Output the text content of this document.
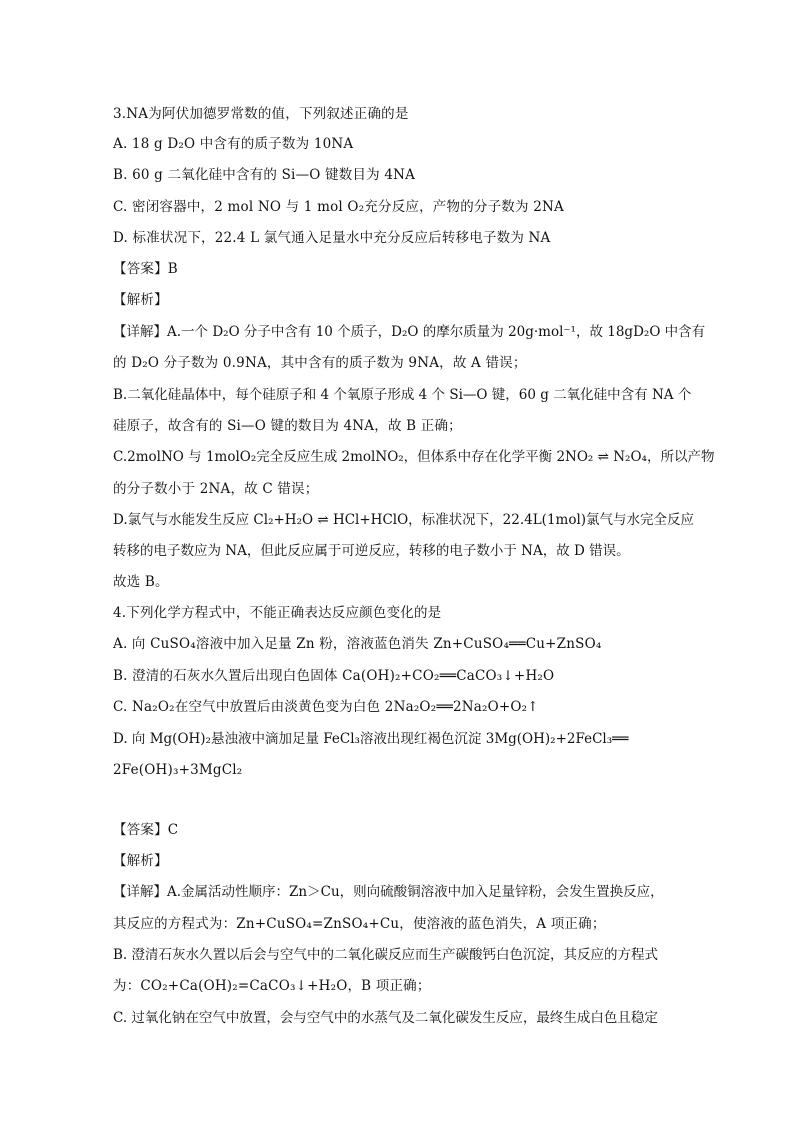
3.NA为阿伏加德罗常数的值，下列叙述正确的是
A. 18 g D₂O 中含有的质子数为 10NA
B. 60 g 二氧化硅中含有的 Si—O 键数目为 4NA
C. 密闭容器中，2 mol NO 与 1 mol O₂充分反应，产物的分子数为 2NA
D. 标准状况下，22.4 L 氯气通入足量水中充分反应后转移电子数为 NA
【答案】B
【解析】
【详解】A.一个 D₂O 分子中含有 10 个质子，D₂O 的摩尔质量为 20g·mol⁻¹，故 18gD₂O 中含有
的 D₂O 分子数为 0.9NA，其中含有的质子数为 9NA，故 A 错误；
B.二氧化硅晶体中，每个硅原子和 4 个氧原子形成 4 个 Si—O 键，60 g 二氧化硅中含有 NA 个
硅原子，故含有的 Si—O 键的数目为 4NA，故 B 正确；
C.2molNO 与 1molO₂完全反应生成 2molNO₂，但体系中存在化学平衡 2NO₂ ⇌ N₂O₄，所以产物
的分子数小于 2NA，故 C 错误；
D.氯气与水能发生反应 Cl₂+H₂O ⇌ HCl+HClO，标准状况下，22.4L(1mol)氯气与水完全反应
转移的电子数应为 NA，但此反应属于可逆反应，转移的电子数小于 NA，故 D 错误。
故选 B。
4.下列化学方程式中，不能正确表达反应颜色变化的是
A. 向 CuSO₄溶液中加入足量 Zn 粉，溶液蓝色消失 Zn+CuSO₄══Cu+ZnSO₄
B. 澄清的石灰水久置后出现白色固体 Ca(OH)₂+CO₂══CaCO₃↓+H₂O
C. Na₂O₂在空气中放置后由淡黄色变为白色 2Na₂O₂══2Na₂O+O₂↑
D. 向 Mg(OH)₂悬浊液中滴加足量 FeCl₃溶液出现红褐色沉淀 3Mg(OH)₂+2FeCl₃══
2Fe(OH)₃+3MgCl₂
【答案】C
【解析】
【详解】A.金属活动性顺序：Zn＞Cu，则向硫酸铜溶液中加入足量锌粉，会发生置换反应，
其反应的方程式为：Zn+CuSO₄=ZnSO₄+Cu，使溶液的蓝色消失，A 项正确；
B. 澄清石灰水久置以后会与空气中的二氧化碳反应而生产碳酸钙白色沉淀，其反应的方程式
为：CO₂+Ca(OH)₂=CaCO₃↓+H₂O，B 项正确；
C. 过氧化钠在空气中放置，会与空气中的水蒸气及二氧化碳发生反应，最终生成白色且稳定
